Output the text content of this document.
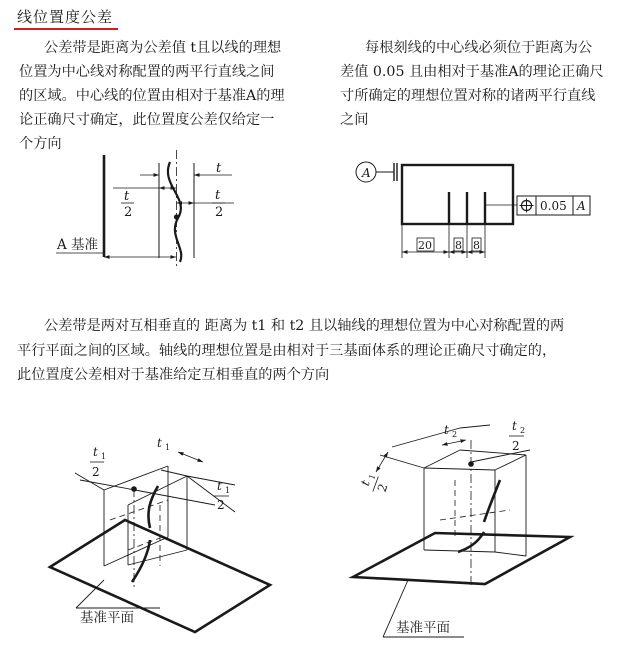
线位置度公差
公差带是距离为公差值 t且以线的理想
位置为中心线对称配置的两平行直线之间
的区域。中心线的位置由相对于基准A的理
论正确尺寸确定，此位置度公差仅给定一
个方向
每根刻线的中心线必须位于距离为公
差值 0.05 且由相对于基准A的理论正确尺
寸所确定的理想位置对称的诸两平行直线
之间
公差带是两对互相垂直的 距离为 t1 和 t2 且以轴线的理想位置为中心对称配置的两
平行平面之间的区域。轴线的理想位置是由相对于三基面体系的理论正确尺寸确定的，
此位置度公差相对于基准给定互相垂直的两个方向
t
t
2
t
2
A 基准
A
0.05 A
20 8 8
t 1
2
t 1
t 1
2
基准平面
t 2
t 2
2
t
1
2
基准平面
